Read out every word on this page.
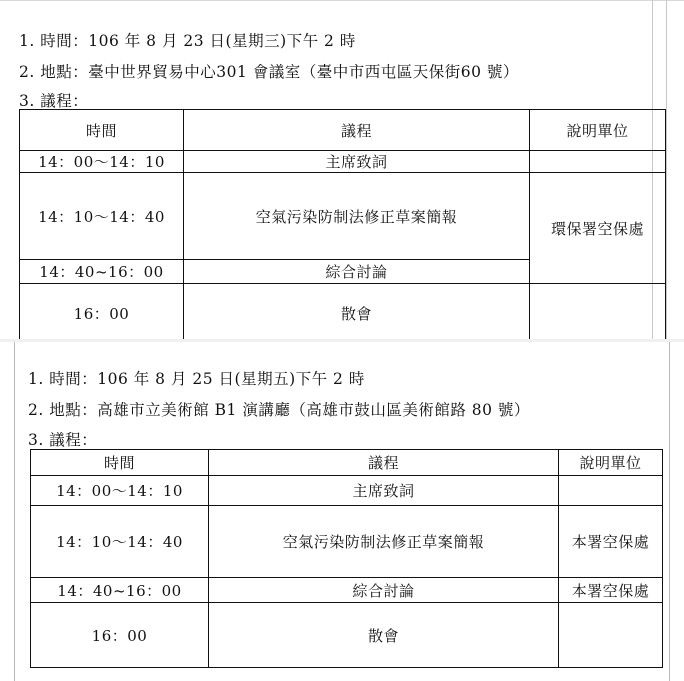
1. 時間：106 年 8 月 23 日(星期三)下午 2 時
2. 地點：臺中世界貿易中心301 會議室（臺中市西屯區天保街60 號）
3. 議程：
時間	議程	說明單位
14：00～14：10	主席致詞	
14：10～14：40	空氣污染防制法修正草案簡報	環保署空保處
14：40~16：00	綜合討論	
16：00	散會	
1. 時間：106 年 8 月 25 日(星期五)下午 2 時
2. 地點：高雄市立美術館 B1 演講廳（高雄市鼓山區美術館路 80 號）
3. 議程：
時間	議程	說明單位
14：00～14：10	主席致詞	
14：10～14：40	空氣污染防制法修正草案簡報	本署空保處
14：40~16：00	綜合討論	本署空保處
16：00	散會	
